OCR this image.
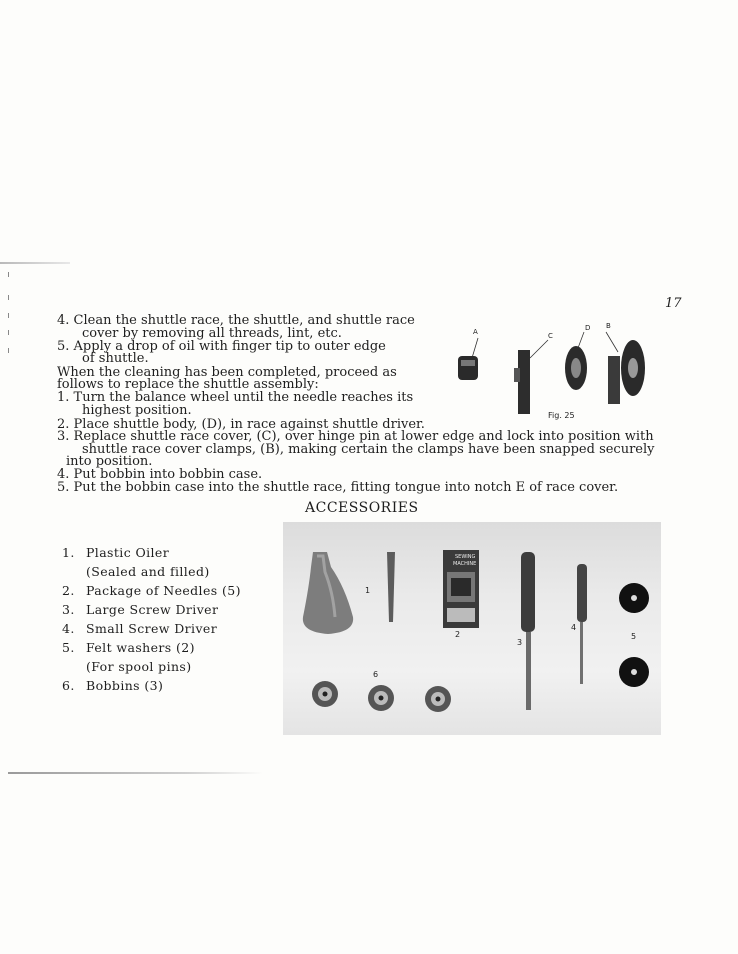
17
4. Clean the shuttle race, the shuttle, and shuttle race
cover by removing all threads, lint, etc.
5. Apply a drop of oil with finger tip to outer edge
of shuttle.
When the cleaning has been completed, proceed as
follows to replace the shuttle assembly:
1. Turn the balance wheel until the needle reaches its
highest position.
2. Place shuttle body, (D), in race against shuttle driver.
3. Replace shuttle race cover, (C), over hinge pin at lower edge and lock into position with
shuttle race cover clamps, (B), making certain the clamps have been snapped securely
into position.
4. Put bobbin into bobbin case.
5. Put the bobbin case into the shuttle race, fitting tongue into notch E of race cover.
A	C
D B
Fig. 25
ACCESSORIES
1. Plastic Oiler
(Sealed and filled)
2. Package of Needles (5)
3. Large Screw Driver
4. Small Screw Driver
5. Felt washers (2)
(For spool pins)
6. Bobbins (3)
SEWING
MACHINE
1
2
3
4
5
6
